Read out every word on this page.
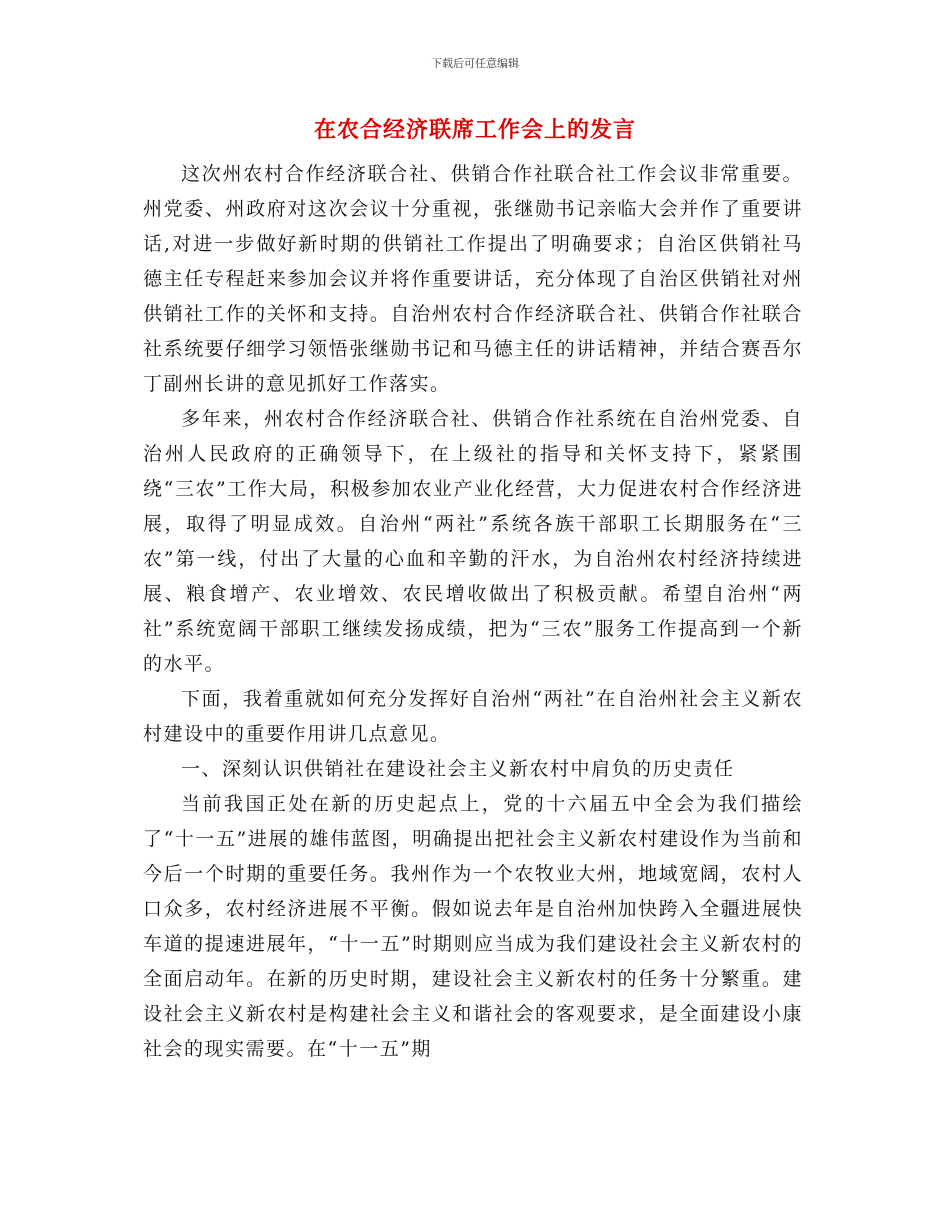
下载后可任意编辑
在农合经济联席工作会上的发言

这次州农村合作经济联合社、供销合作社联合社工作会议非常重要。州党委、州政府对这次会议十分重视，张继勋书记亲临大会并作了重要讲话,对进一步做好新时期的供销社工作提出了明确要求；自治区供销社马德主任专程赶来参加会议并将作重要讲话，充分体现了自治区供销社对州供销社工作的关怀和支持。自治州农村合作经济联合社、供销合作社联合社系统要仔细学习领悟张继勋书记和马德主任的讲话精神，并结合赛吾尔丁副州长讲的意见抓好工作落实。

多年来，州农村合作经济联合社、供销合作社系统在自治州党委、自治州人民政府的正确领导下，在上级社的指导和关怀支持下，紧紧围绕“三农”工作大局，积极参加农业产业化经营，大力促进农村合作经济进展，取得了明显成效。自治州“两社”系统各族干部职工长期服务在“三农”第一线，付出了大量的心血和辛勤的汗水，为自治州农村经济持续进展、粮食增产、农业增效、农民增收做出了积极贡献。希望自治州“两社”系统宽阔干部职工继续发扬成绩，把为“三农”服务工作提高到一个新的水平。

下面，我着重就如何充分发挥好自治州“两社”在自治州社会主义新农村建设中的重要作用讲几点意见。

一、深刻认识供销社在建设社会主义新农村中肩负的历史责任

当前我国正处在新的历史起点上，党的十六届五中全会为我们描绘了“十一五”进展的雄伟蓝图，明确提出把社会主义新农村建设作为当前和今后一个时期的重要任务。我州作为一个农牧业大州，地域宽阔，农村人口众多，农村经济进展不平衡。假如说去年是自治州加快跨入全疆进展快车道的提速进展年，“十一五”时期则应当成为我们建设社会主义新农村的全面启动年。在新的历史时期，建设社会主义新农村的任务十分繁重。建设社会主义新农村是构建社会主义和谐社会的客观要求，是全面建设小康社会的现实需要。在“十一五”期
